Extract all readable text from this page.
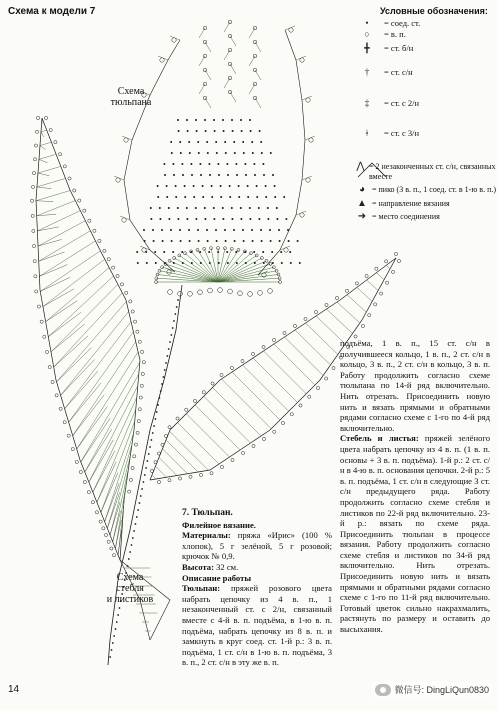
Схема к модели 7
Схема
тюльпана
Схема
стебля
и листиков
Условные обозначения:
•	= соед. ст.
○	= в. п.
╋	= ст. б/н
†	= ст. с/н
‡	= ст. с 2/н
ǂ	= ст. с 3/н
⋀ = 2 незаконченных ст. с/н, связанных вместе
◕ = пико (3 в. п., 1 соед. ст. в 1-ю в. п.)
▲ = направление вязания
➜ = место соединения

подъёма, 1 в. п., 15 ст. с/н в получившееся кольцо, 1 в. п., 2 ст. с/н в кольцо, 3 в. п., 2 ст. с/н в кольцо, 3 в. п. Работу продолжить согласно схеме тюльпана по 14-й ряд включительно. Нить отрезать. Присоединить новую нить и вязать прямыми и обратными рядами согласно схеме с 1-го по 4-й ряд включительно.

Стебель и листья: пряжей зелёного цвета набрать цепочку из 4 в. п. (1 в. п. основы + 3 в. п. подъёма). 1-й р.: 2 ст. с/н в 4-ю в. п. основания цепочки. 2-й р.: 5 в. п. подъёма, 1 ст. с/н в следующие 3 ст. с/н предыдущего ряда. Работу продолжить согласно схеме стебля и листиков по 22-й ряд включительно. 23-й р.: вязать по схеме ряда. Присоединить тюльпан в процессе вязания. Работу продолжить согласно схеме стебля и листиков по 34-й ряд включительно. Нить отрезать. Присоединить новую нить и вязать прямыми и обратными рядами согласно схеме с 1-го по 11-й ряд включительно. Готовый цветок сильно накрахмалить, растянуть по размеру и оставить до высыхания.

7. Тюльпан.

Филейное вязание.

Материалы: пряжа «Ирис» (100 % хлопок), 5 г зелёной, 5 г розовой; крючок № 0,9.

Высота: 32 см.

Описание работы

Тюльпан: пряжей розового цвета набрать цепочку из 4 в. п., 1 незаконченный ст. с 2/н, связанный вместе с 4-й в. п. подъёма, в 1-ю в. п. подъёма, набрать цепочку из 8 в. п. и замкнуть в круг соед. ст. 1-й р.: 3 в. п. подъёма, 1 ст. с/н в 1-ю в. п. подъёма, 3 в. п., 2 ст. с/н в эту же в. п.

14	微信号: DingLiQun0830
